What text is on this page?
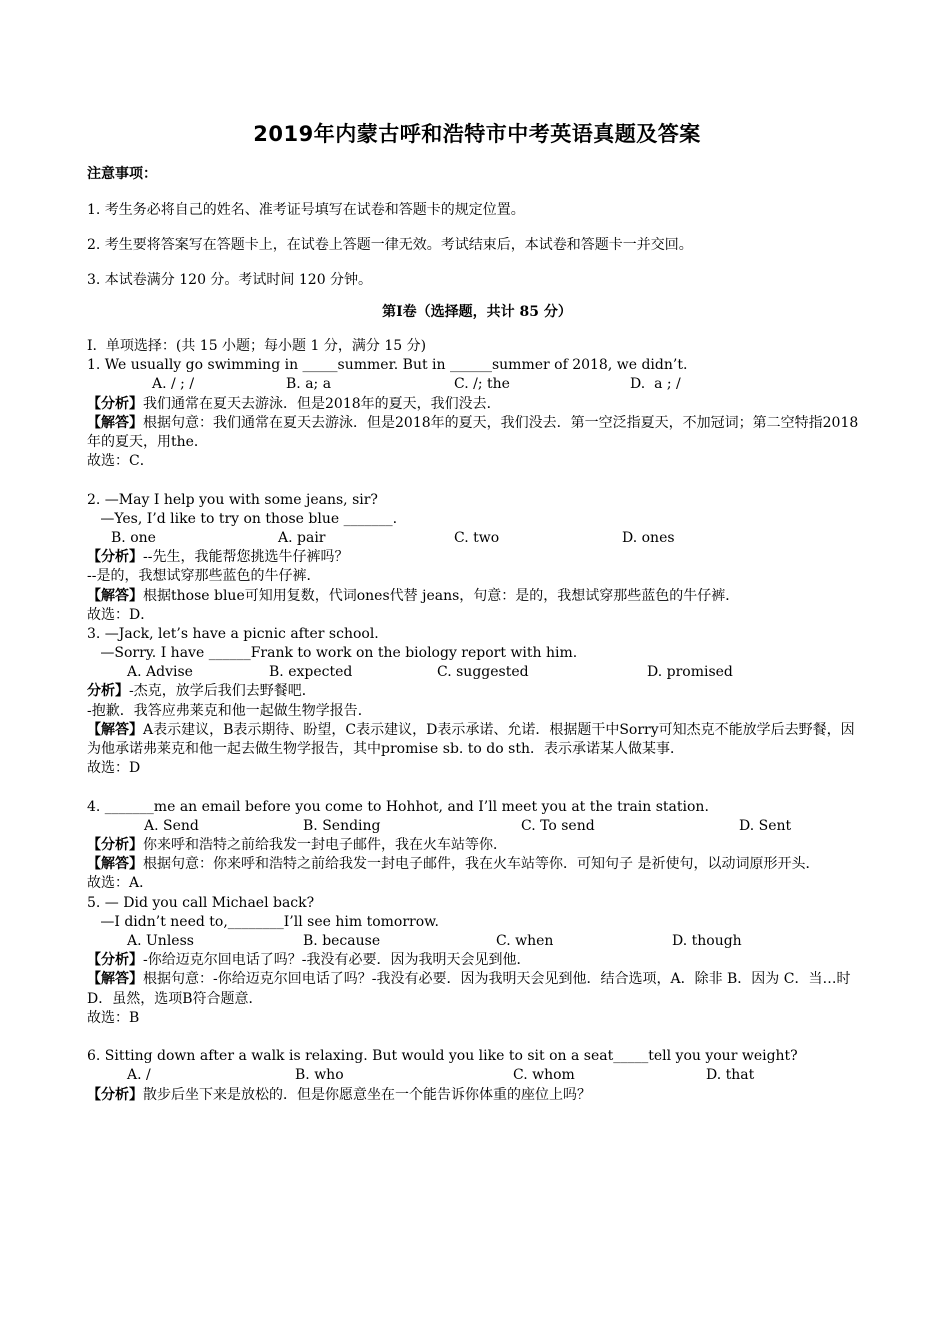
2019年内蒙古呼和浩特市中考英语真题及答案
注意事项：
1. 考生务必将自己的姓名、准考证号填写在试卷和答题卡的规定位置。
2. 考生要将答案写在答题卡上，在试卷上答题一律无效。考试结束后，本试卷和答题卡一并交回。
3. 本试卷满分 120 分。考试时间 120 分钟。
第Ⅰ卷（选择题，共计 85 分）
I.  单项选择：(共 15 小题；每小题 1 分，满分 15 分)
1. We usually go swimming in _____summer. But in ______summer of 2018, we didn’t.
A. / ; /	B. a; a	C. /; the	D.  a ; /
【分析】我们通常在夏天去游泳．但是2018年的夏天，我们没去．
【解答】根据句意：我们通常在夏天去游泳．但是2018年的夏天，我们没去．第一空泛指夏天，不加冠词；第二空特指2018年的夏天，用the．
故选：C．
2. —May I help you with some jeans, sir?
—Yes, I’d like to try on those blue _______.
B. one	A. pair	C. two	D. ones
【分析】--先生，我能帮您挑选牛仔裤吗？
--是的，我想试穿那些蓝色的牛仔裤．
【解答】根据those blue可知用复数，代词ones代替 jeans，句意：是的，我想试穿那些蓝色的牛仔裤．
故选：D．
3. —Jack, let’s have a picnic after school.
—Sorry. I have ______Frank to work on the biology report with him.
A. Advise	B. expected	C. suggested	D. promised
分析】-杰克，放学后我们去野餐吧．
-抱歉．我答应弗莱克和他一起做生物学报告．
【解答】A表示建议，B表示期待、盼望，C表示建议，D表示承诺、允诺．根据题干中Sorry可知杰克不能放学后去野餐，因为他承诺弗莱克和他一起去做生物学报告，其中promise sb. to do sth．表示承诺某人做某事．
故选：D
4. _______me an email before you come to Hohhot, and I’ll meet you at the train station.
A. Send	B. Sending	C. To send	D. Sent
【分析】你来呼和浩特之前给我发一封电子邮件，我在火车站等你．
【解答】根据句意：你来呼和浩特之前给我发一封电子邮件，我在火车站等你．可知句子 是祈使句，以动词原形开头．
故选：A．
5. — Did you call Michael back?
—I didn’t need to,________I’ll see him tomorrow.
A. Unless	B. because	C. when	D. though
【分析】-你给迈克尔回电话了吗？-我没有必要．因为我明天会见到他．
【解答】根据句意：-你给迈克尔回电话了吗？-我没有必要．因为我明天会见到他．结合选项，A．除非 B．因为 C．当…时 D．虽然，选项B符合题意．
故选：B
6. Sitting down after a walk is relaxing. But would you like to sit on a seat_____tell you your weight?
A. /	B. who	C. whom	D. that
【分析】散步后坐下来是放松的．但是你愿意坐在一个能告诉你体重的座位上吗？
